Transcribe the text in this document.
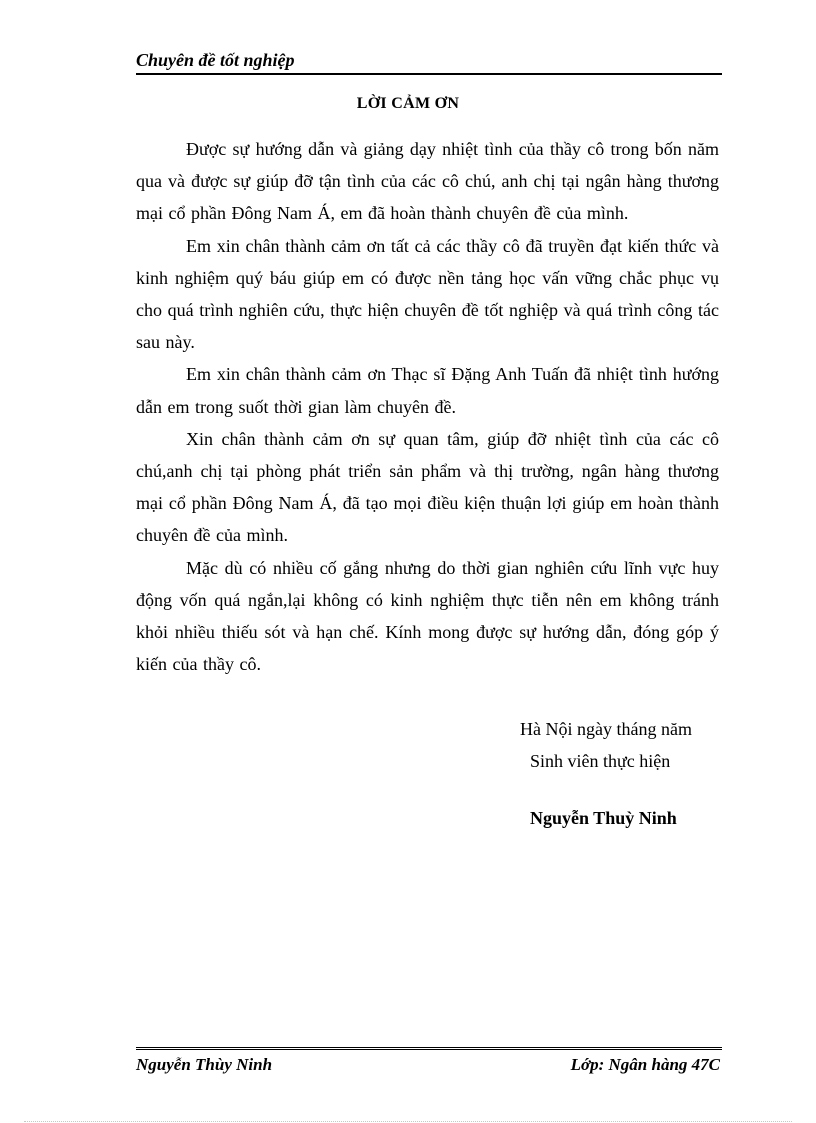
Chuyên đề tốt nghiệp
LỜI CẢM ƠN

Được sự hướng dẫn và giảng dạy nhiệt tình của thầy cô trong bốn năm qua và được sự giúp đỡ tận tình của các cô chú, anh chị tại ngân hàng thương mại cổ phần Đông Nam Á, em đã hoàn thành chuyên đề của mình.

Em xin chân thành cảm ơn tất cả các thầy cô đã truyền đạt kiến thức và kinh nghiệm quý báu giúp em có được nền tảng học vấn vững chắc phục vụ cho quá trình nghiên cứu, thực hiện chuyên đề tốt nghiệp và quá trình công tác sau này.

Em xin chân thành cảm ơn Thạc sĩ Đặng Anh Tuấn đã nhiệt tình hướng dẫn em trong suốt thời gian làm chuyên đề.

Xin chân thành cảm ơn sự quan tâm, giúp đỡ nhiệt tình của các cô chú,anh chị tại phòng phát triển sản phẩm và thị trường, ngân hàng thương mại cổ phần Đông Nam Á, đã tạo mọi điều kiện thuận lợi giúp em hoàn thành chuyên đề của mình.

Mặc dù có nhiều cố gắng nhưng do thời gian nghiên cứu lĩnh vực huy động vốn quá ngắn,lại không có kinh nghiệm thực tiễn nên em không tránh khỏi nhiều thiếu sót và hạn chế. Kính mong được sự hướng dẫn, đóng góp ý kiến của thầy cô.

Hà Nội ngày tháng năm
Sinh viên thực hiện
Nguyễn Thuỳ Ninh
Nguyễn Thùy Ninh	Lớp: Ngân hàng 47C
